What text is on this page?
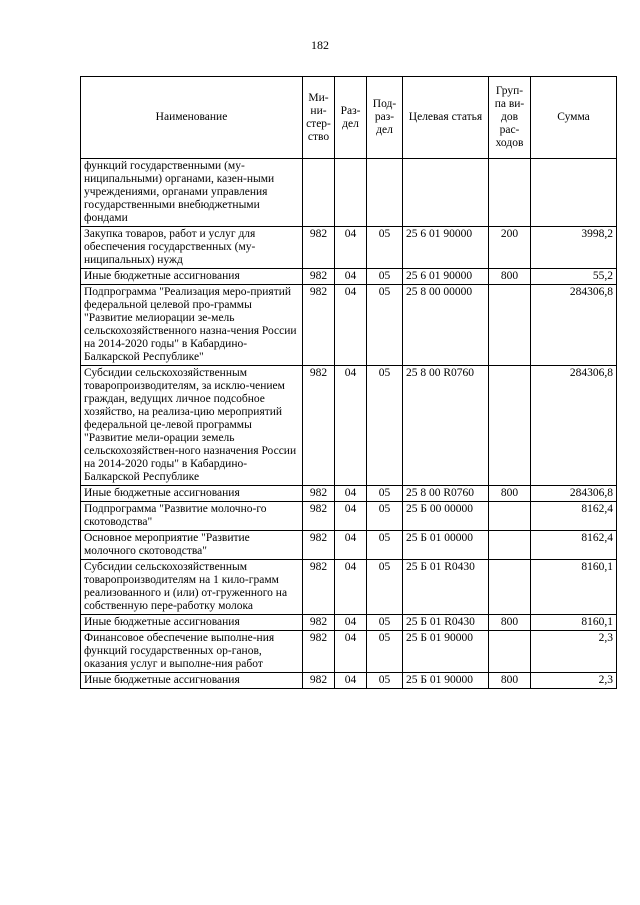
182
Наименование	Ми-ни-стер-ство	Раз-дел	Под-раз-дел	Целевая статья	Груп-па ви-дов рас-ходов	Сумма
функций государственными (му-ниципальными) органами, казен-ными учреждениями, органами управления государственными внебюджетными фондами						
Закупка товаров, работ и услуг для обеспечения государственных (му-ниципальных) нужд	982	04	05	25 6 01 90000	200	3998,2
Иные бюджетные ассигнования	982	04	05	25 6 01 90000	800	55,2
Подпрограмма "Реализация меро-приятий федеральной целевой про-граммы "Развитие мелиорации зе-мель сельскохозяйственного назна-чения России на 2014-2020 годы" в Кабардино-Балкарской Республике"	982	04	05	25 8 00 00000		284306,8
Субсидии сельскохозяйственным товаропроизводителям, за исклю-чением граждан, ведущих личное подсобное хозяйство, на реализа-цию мероприятий федеральной це-левой программы "Развитие мели-орации земель сельскохозяйствен-ного назначения России на 2014-2020 годы" в Кабардино-Балкарской Республике	982	04	05	25 8 00 R0760		284306,8
Иные бюджетные ассигнования	982	04	05	25 8 00 R0760	800	284306,8
Подпрограмма "Развитие молочно-го скотоводства"	982	04	05	25 Б 00 00000		8162,4
Основное мероприятие "Развитие молочного скотоводства"	982	04	05	25 Б 01 00000		8162,4
Субсидии сельскохозяйственным товаропроизводителям на 1 кило-грамм реализованного и (или) от-груженного на собственную пере-работку молока	982	04	05	25 Б 01 R0430		8160,1
Иные бюджетные ассигнования	982	04	05	25 Б 01 R0430	800	8160,1
Финансовое обеспечение выполне-ния функций государственных ор-ганов, оказания услуг и выполне-ния работ	982	04	05	25 Б 01 90000		2,3
Иные бюджетные ассигнования	982	04	05	25 Б 01 90000	800	2,3
